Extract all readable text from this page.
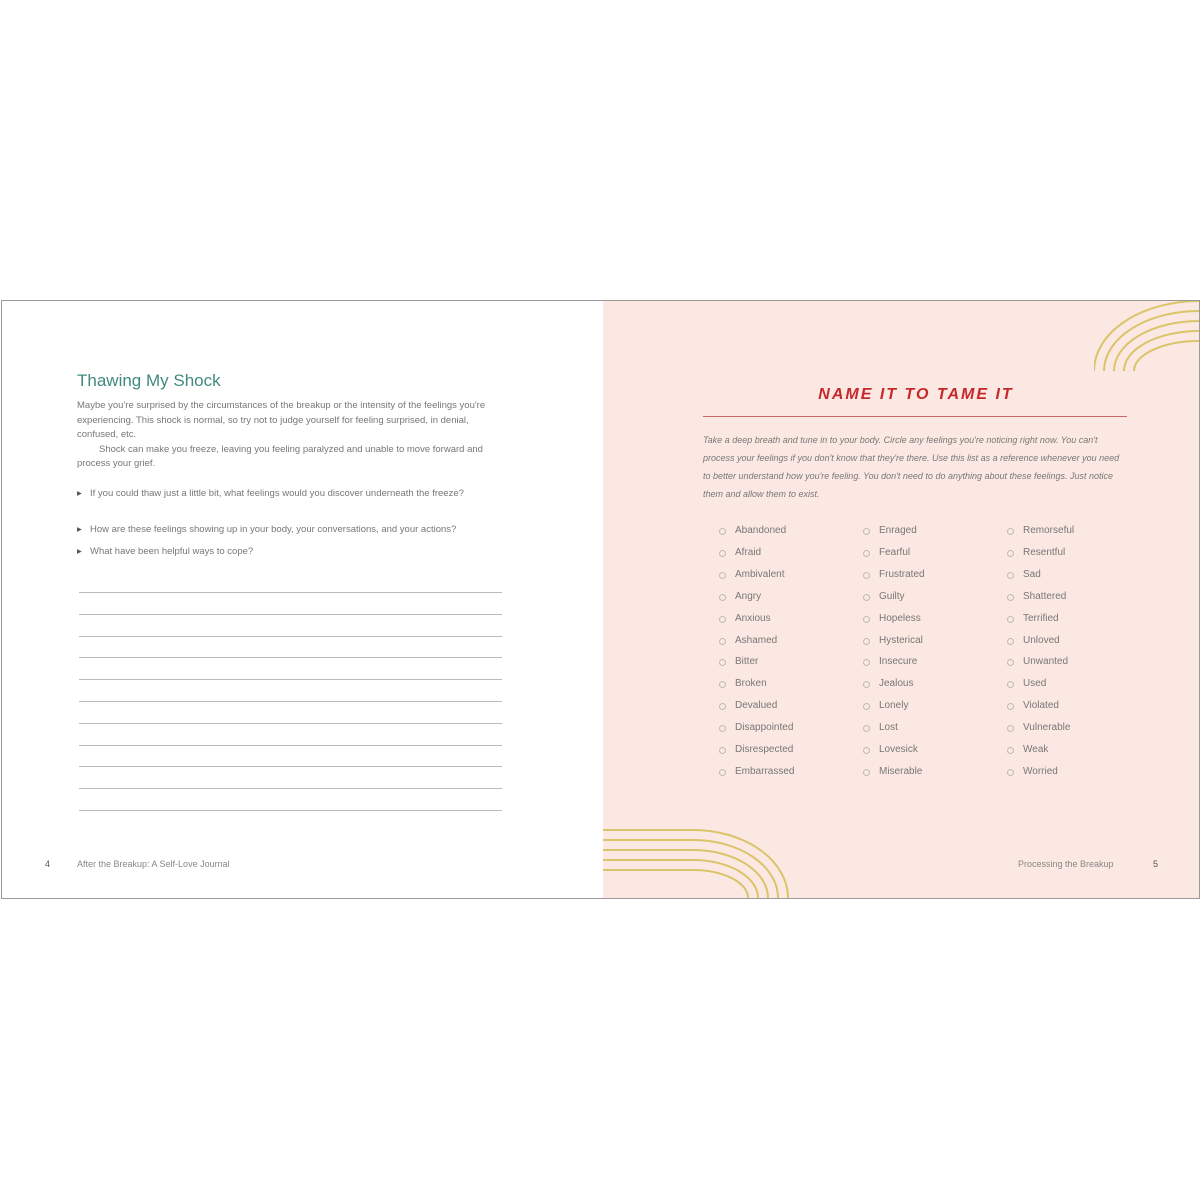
Thawing My Shock
Maybe you're surprised by the circumstances of the breakup or the intensity of the feelings you're experiencing. This shock is normal, so try not to judge yourself for feeling surprised, in denial, confused, etc.
Shock can make you freeze, leaving you feeling paralyzed and unable to move forward and process your grief.
▸ If you could thaw just a little bit, what feelings would you discover underneath the freeze?
▸ How are these feelings showing up in your body, your conversations, and your actions?
▸ What have been helpful ways to cope?
4	After the Breakup: A Self-Love Journal
NAME IT TO TAME IT
Take a deep breath and tune in to your body. Circle any feelings you're noticing right now. You can't process your feelings if you don't know that they're there. Use this list as a reference whenever you need to better understand how you're feeling. You don't need to do anything about these feelings. Just notice them and allow them to exist.
Abandoned
Afraid
Ambivalent
Angry
Anxious
Ashamed
Bitter
Broken
Devalued
Disappointed
Disrespected
Embarrassed
Enraged
Fearful
Frustrated
Guilty
Hopeless
Hysterical
Insecure
Jealous
Lonely
Lost
Lovesick
Miserable
Remorseful
Resentful
Sad
Shattered
Terrified
Unloved
Unwanted
Used
Violated
Vulnerable
Weak
Worried
Processing the Breakup	5
